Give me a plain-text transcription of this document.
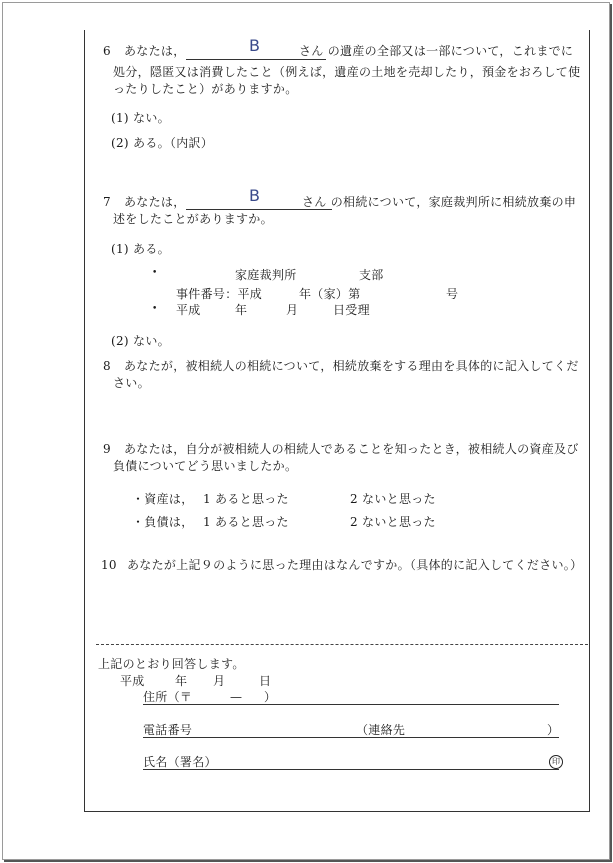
6 あなたは，	B	さん の遺産の全部又は一部について，これまでに
処分，隠匿又は消費したこと（例えば，遺産の土地を売却したり，預金をおろして使
ったりしたこと）がありますか。
(1) ない。
(2) ある。（内訳）
7 あなたは，	B	さん の相続について，家庭裁判所に相続放棄の申
述をしたことがありますか。
(1) ある。
•	家庭裁判所	支部
事件番号：平成	年（家）第	号
• 平成	年	月	日受理
(2) ない。
8 あなたが，被相続人の相続について，相続放棄をする理由を具体的に記入してくだ
さい。
9 あなたは，自分が被相続人の相続人であることを知ったとき，被相続人の資産及び
負債についてどう思いましたか。
・資産は， 1 あると思った	2 ないと思った
・負債は， 1 あると思った	2 ないと思った
10 あなたが上記９のように思った理由はなんですか。（具体的に記入してください。）
上記のとおり回答します。
平成	年 月	日
住所（〒	— ）
電話番号	（連絡先	）
氏名（署名）	印
